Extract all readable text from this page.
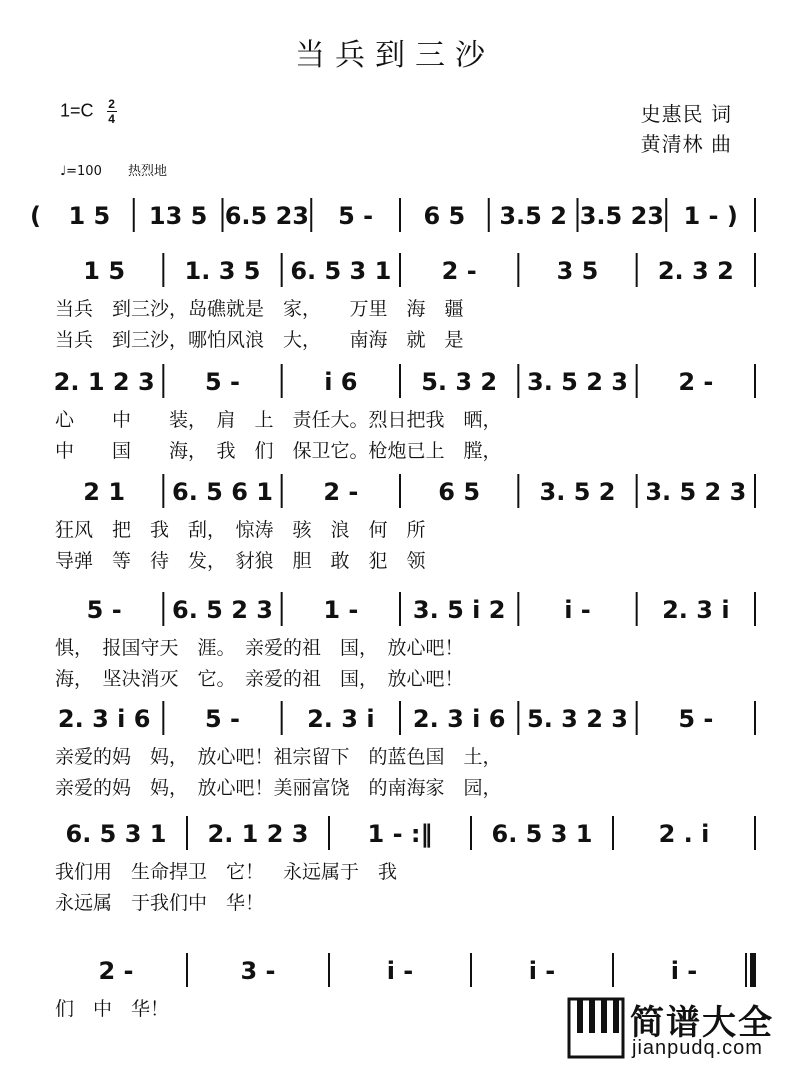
当兵到三沙
$1=C \frac{2}{4}$	史惠民 词
黄清林 曲
♩=100 热烈地
( 1 5 13 5 6.5 23 5 - 6 5 3.5 2 3.5 23 1 - )
1 5 1. 3 5 6. 5 3 1 2 -	3 5 2. 3 2
当兵　到三沙，岛礁就是　家，　　万里　海　疆
当兵　到三沙，哪怕风浪　大，　　南海　就　是
2. 1 2 3 5 -	i 6	5. 3 2 3. 5 2 3 2 -
心　　中　　装，　肩　上　责任大。烈日把我　晒，
中　　国　　海，　我　们　保卫它。枪炮已上　膛，
2 1 6. 5 6 1 2 -	6 5 3. 5 2 3. 5 2 3
狂风　把　我　刮，　惊涛　骇　浪　何　所
导弹　等　待　发，　豺狼　胆　敢　犯　领
5 - 6. 5 2 3 1 - 3. 5 i 2 i -	2. 3 i
惧，　报国守天　涯。　亲爱的祖　国，　放心吧！
海，　坚决消灭　它。　亲爱的祖　国，　放心吧！
2. 3 i 6 5 -	2. 3 i 2. 3 i 6 5. 3 2 3 5 -
亲爱的妈　妈，　放心吧！祖宗留下　的蓝色国　土，
亲爱的妈　妈，　放心吧！美丽富饶　的南海家　园，
6. 5 3 1 2. 1 2 3 1 - :‖ 6. 5 3 1	2 . i
我们用　生命捍卫　它！　永远属于　我
永远属　于我们中　华！
2 -	3 -	i -	i -	i -
们　中　华！	简谱大全
jianpudq.com
